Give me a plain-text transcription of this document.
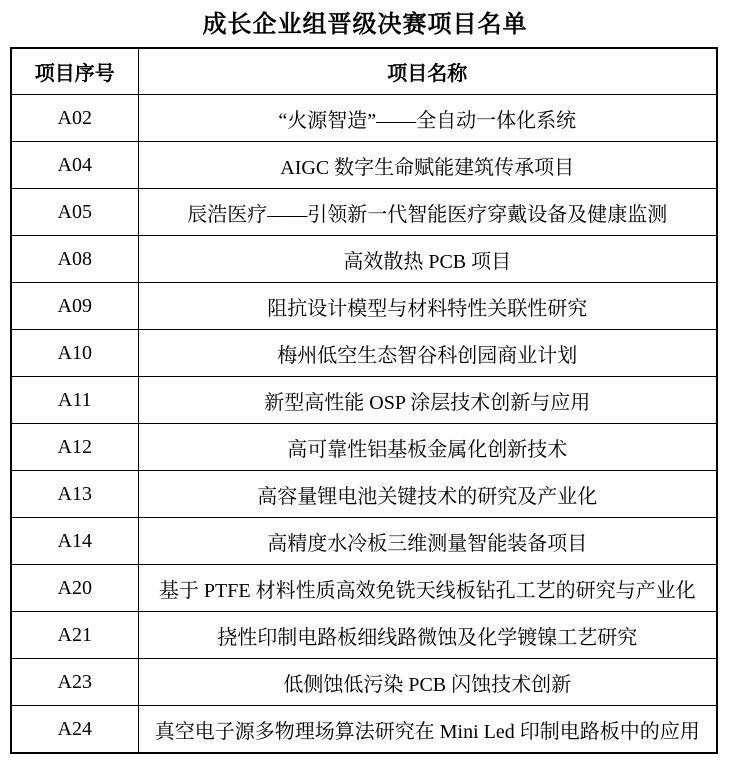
成长企业组晋级决赛项目名单
项目序号	项目名称
A02	“火源智造”——全自动一体化系统
A04	AIGC 数字生命赋能建筑传承项目
A05	辰浩医疗——引领新一代智能医疗穿戴设备及健康监测
A08	高效散热 PCB 项目
A09	阻抗设计模型与材料特性关联性研究
A10	梅州低空生态智谷科创园商业计划
A11	新型高性能 OSP 涂层技术创新与应用
A12	高可靠性铝基板金属化创新技术
A13	高容量锂电池关键技术的研究及产业化
A14	高精度水冷板三维测量智能装备项目
A20	基于 PTFE 材料性质高效免铣天线板钻孔工艺的研究与产业化
A21	挠性印制电路板细线路微蚀及化学镀镍工艺研究
A23	低侧蚀低污染 PCB 闪蚀技术创新
A24	真空电子源多物理场算法研究在 Mini Led 印制电路板中的应用
